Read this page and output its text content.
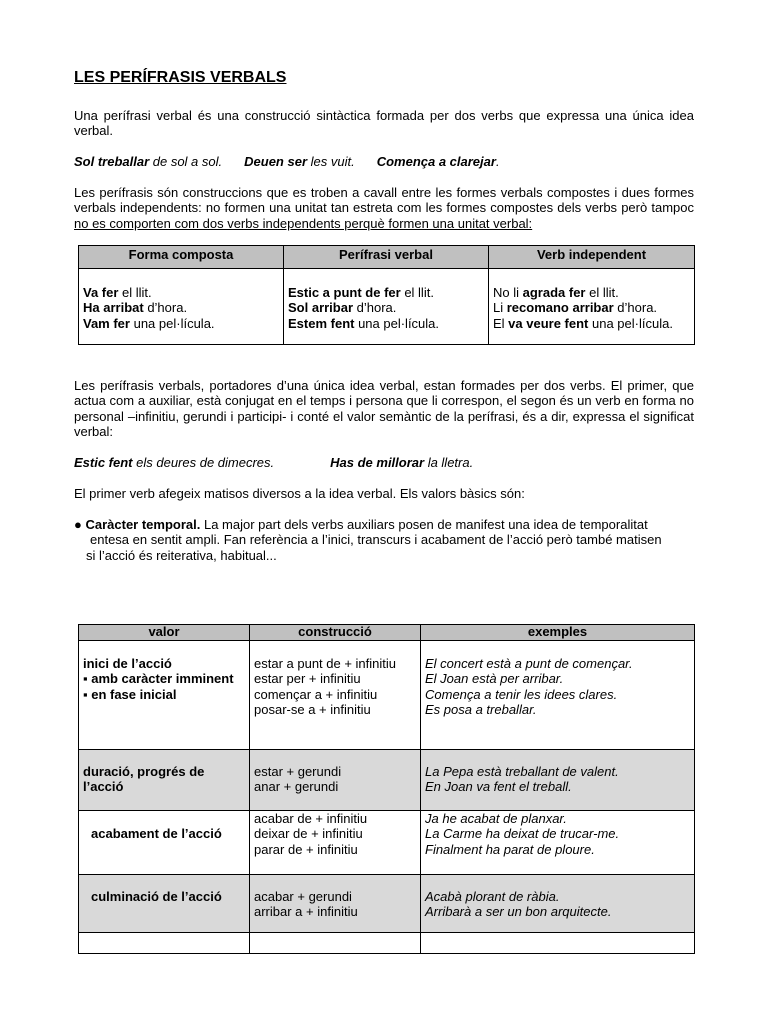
LES PERÍFRASIS VERBALS

Una perífrasi verbal és una construcció sintàctica formada per dos verbs que expressa una única idea verbal.

Sol treballar de sol a sol. Deuen ser les vuit. Comença a clarejar.

Les perífrasis són construccions que es troben a cavall entre les formes verbals compostes i dues formes verbals independents: no formen una unitat tan estreta com les formes compostes dels verbs però tampoc no es comporten com dos verbs independents perquè formen una unitat verbal:

Forma composta	Perífrasi verbal	Verb independent

Va fer el llit.
Ha arribat d’hora.
Vam fer una pel·lícula.	Estic a punt de fer el llit.
Sol arribar d’hora.
Estem fent una pel·lícula.	No li agrada fer el llit.
Li recomano arribar d’hora.
El va veure fent una pel·lícula.

Les perífrasis verbals, portadores d’una única idea verbal, estan formades per dos verbs. El primer, que actua com a auxiliar, està conjugat en el temps i persona que li correspon, el segon és un verb en forma no personal –infinitiu, gerundi i participi- i conté el valor semàntic de la perífrasi, és a dir, expressa el significat verbal:

Estic fent els deures de dimecres.	Has de millorar la lletra.

El primer verb afegeix matisos diversos a la idea verbal. Els valors bàsics són:

● Caràcter temporal. La major part dels verbs auxiliars posen de manifest una idea de temporalitat
entesa en sentit ampli. Fan referència a l’inici, transcurs i acabament de l’acció però també matisen
si l’acció és reiterativa, habitual...
valor	construcció	exemples

inici de l’acció
▪ amb caràcter imminent
▪ en fase inicial	estar a punt de + infinitiu
estar per + infinitiu
començar a + infinitiu
posar-se a + infinitiu	El concert està a punt de començar.
El Joan està per arribar.
Comença a tenir les idees clares.
Es posa a treballar.

duració, progrés de l’acció	estar + gerundi
anar + gerundi	La Pepa està treballant de valent.
En Joan va fent el treball.

acabament de l’acció	acabar de + infinitiu
deixar de + infinitiu
parar de + infinitiu	Ja he acabat de planxar.
La Carme ha deixat de trucar-me.
Finalment ha parat de ploure.

culminació de l’acció	acabar + gerundi
arribar a + infinitiu	Acabà plorant de ràbia.
Arribarà a ser un bon arquitecte.
